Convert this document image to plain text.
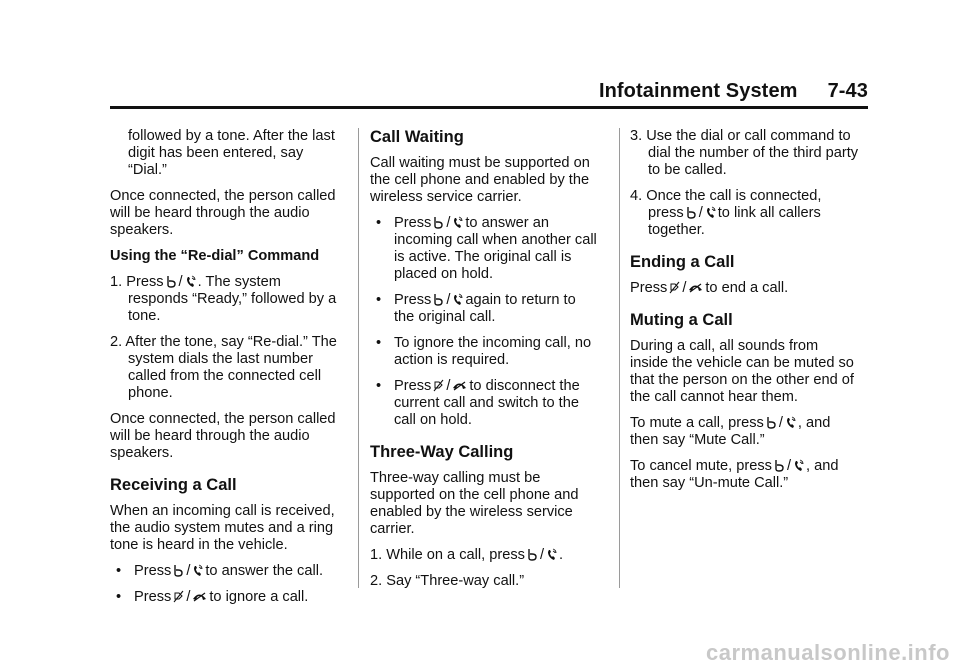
Infotainment System 7-43

followed by a tone. After the last digit has been entered, say “Dial.”

Once connected, the person called will be heard through the audio speakers.

Using the “Re-dial” Command

1. Press / . The system responds “Ready,” followed by a tone.

2. After the tone, say “Re-dial.” The system dials the last number called from the connected cell phone.

Once connected, the person called will be heard through the audio speakers.

Receiving a Call

When an incoming call is received, the audio system mutes and a ring tone is heard in the vehicle.

• Press / to answer the call.

• Press / to ignore a call.

Call Waiting

Call waiting must be supported on the cell phone and enabled by the wireless service carrier.

• Press / to answer an incoming call when another call is active. The original call is placed on hold.

• Press / again to return to the original call.

• To ignore the incoming call, no action is required.

• Press / to disconnect the current call and switch to the call on hold.

Three-Way Calling

Three-way calling must be supported on the cell phone and enabled by the wireless service carrier.

1. While on a call, press / .

2. Say “Three-way call.”

3. Use the dial or call command to dial the number of the third party to be called.

4. Once the call is connected, press / to link all callers together.

Ending a Call

Press / to end a call.

Muting a Call

During a call, all sounds from inside the vehicle can be muted so that the person on the other end of the call cannot hear them.

To mute a call, press / , and then say “Mute Call.”

To cancel mute, press / , and then say “Un-mute Call.”

carmanualsonline.info
